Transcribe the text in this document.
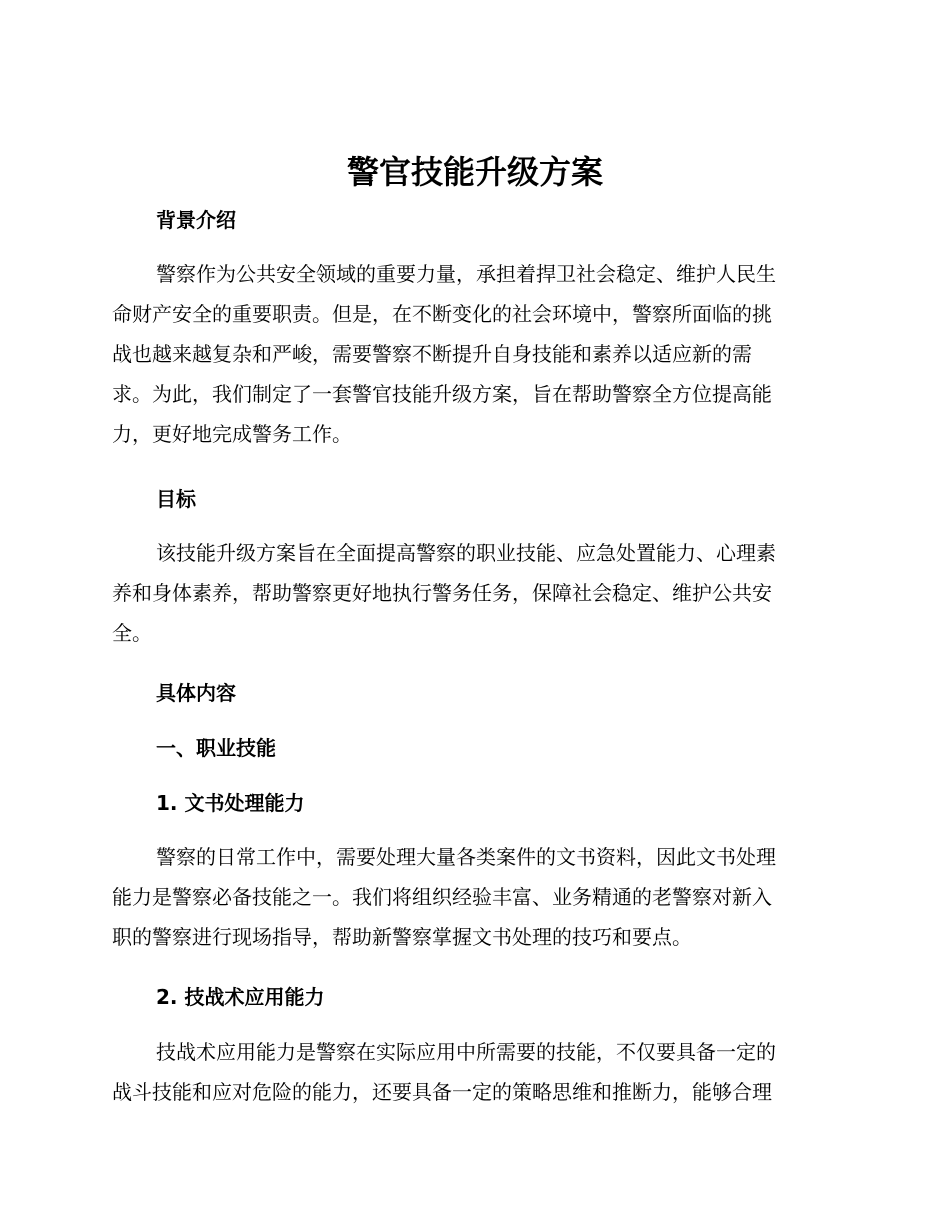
警官技能升级方案
背景介绍
警察作为公共安全领域的重要力量，承担着捍卫社会稳定、维护人民生
命财产安全的重要职责。但是，在不断变化的社会环境中，警察所面临的挑
战也越来越复杂和严峻，需要警察不断提升自身技能和素养以适应新的需
求。为此，我们制定了一套警官技能升级方案，旨在帮助警察全方位提高能
力，更好地完成警务工作。
目标
该技能升级方案旨在全面提高警察的职业技能、应急处置能力、心理素
养和身体素养，帮助警察更好地执行警务任务，保障社会稳定、维护公共安
全。
具体内容
一、职业技能
1. 文书处理能力
警察的日常工作中，需要处理大量各类案件的文书资料，因此文书处理
能力是警察必备技能之一。我们将组织经验丰富、业务精通的老警察对新入
职的警察进行现场指导，帮助新警察掌握文书处理的技巧和要点。
2. 技战术应用能力
技战术应用能力是警察在实际应用中所需要的技能，不仅要具备一定的
战斗技能和应对危险的能力，还要具备一定的策略思维和推断力，能够合理
